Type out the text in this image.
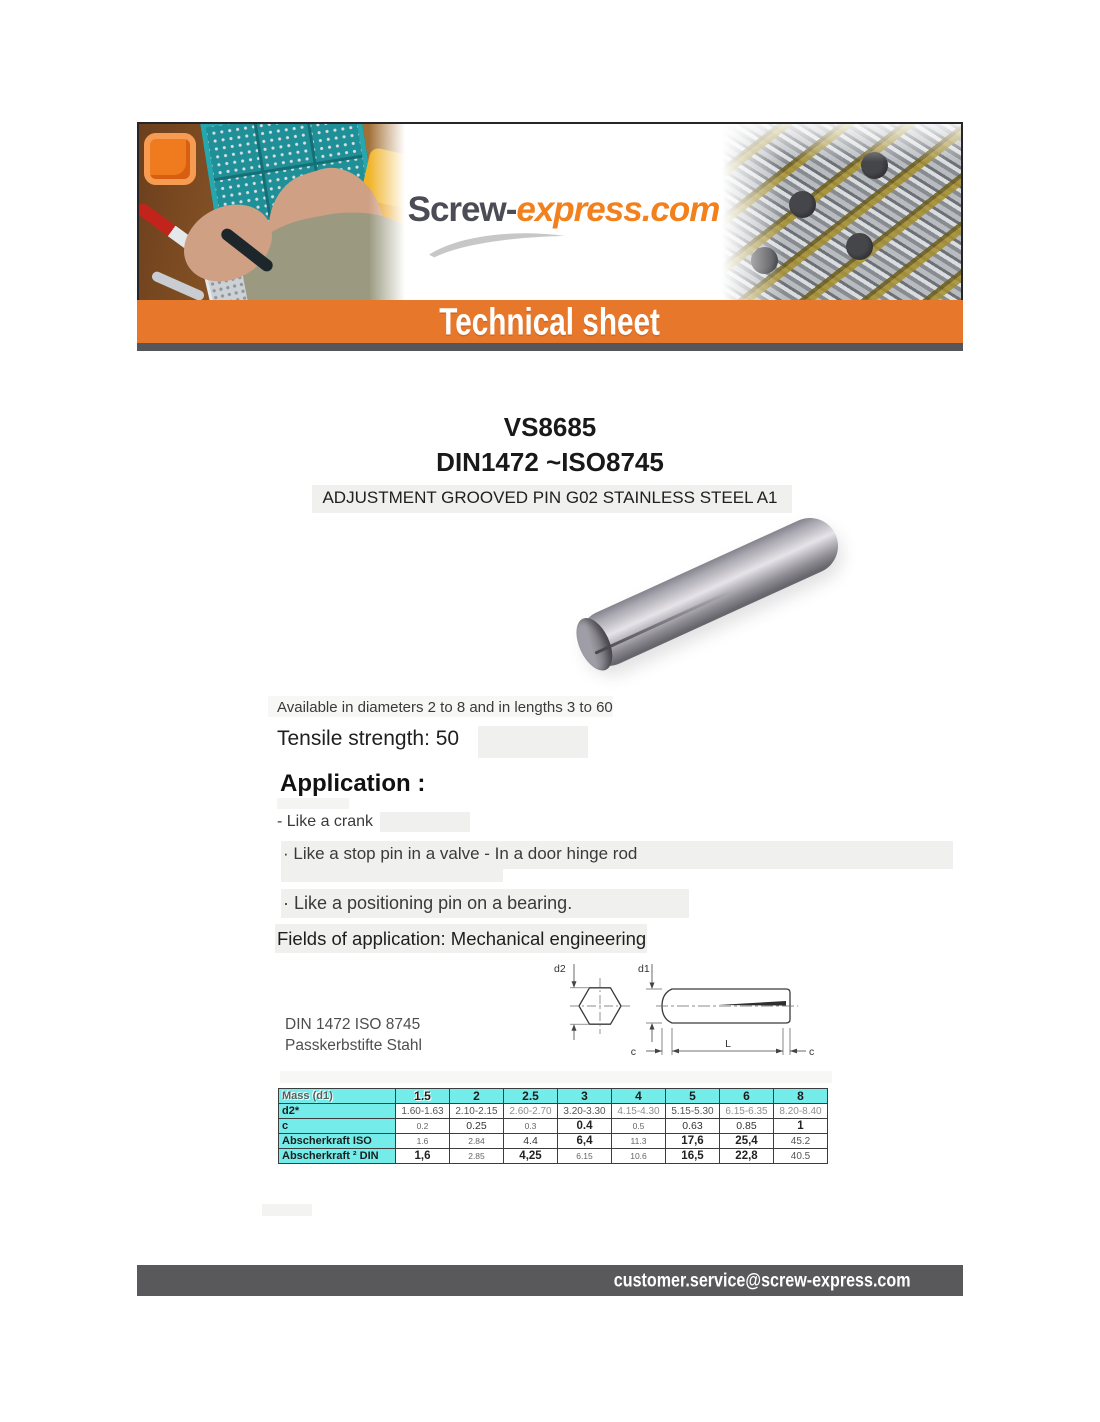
Screw-express.com
Technical sheet
VS8685
DIN1472 ~ISO8745
ADJUSTMENT GROOVED PIN G02 STAINLESS STEEL A1
Available in diameters 2 to 8 and in lengths 3 to 60
Tensile strength: 50
Application :
- Like a crank
· Like a stop pin in a valve - In a door hinge rod
· Like a positioning pin on a bearing.
Fields of application: Mechanical engineering
DIN 1472 ISO 8745
Passkerbstifte Stahl
d2	d1
c
L
c
Mass (d1)	1.5	2	2.5	3	4	5	6	8
d2*	1.60-1.63	2.10-2.15	2.60-2.70	3.20-3.30	4.15-4.30	5.15-5.30	6.15-6.35	8.20-8.40
c	0.2	0.25	0.3	0.4	0.5	0.63	0.85	1
Abscherkraft ISO	1.6	2.84	4.4	6,4	11.3	17,6	25,4	45.2
Abscherkraft ² DIN	1,6	2.85	4,25	6.15	10.6	16,5	22,8	40.5
customer.service@screw-express.com
